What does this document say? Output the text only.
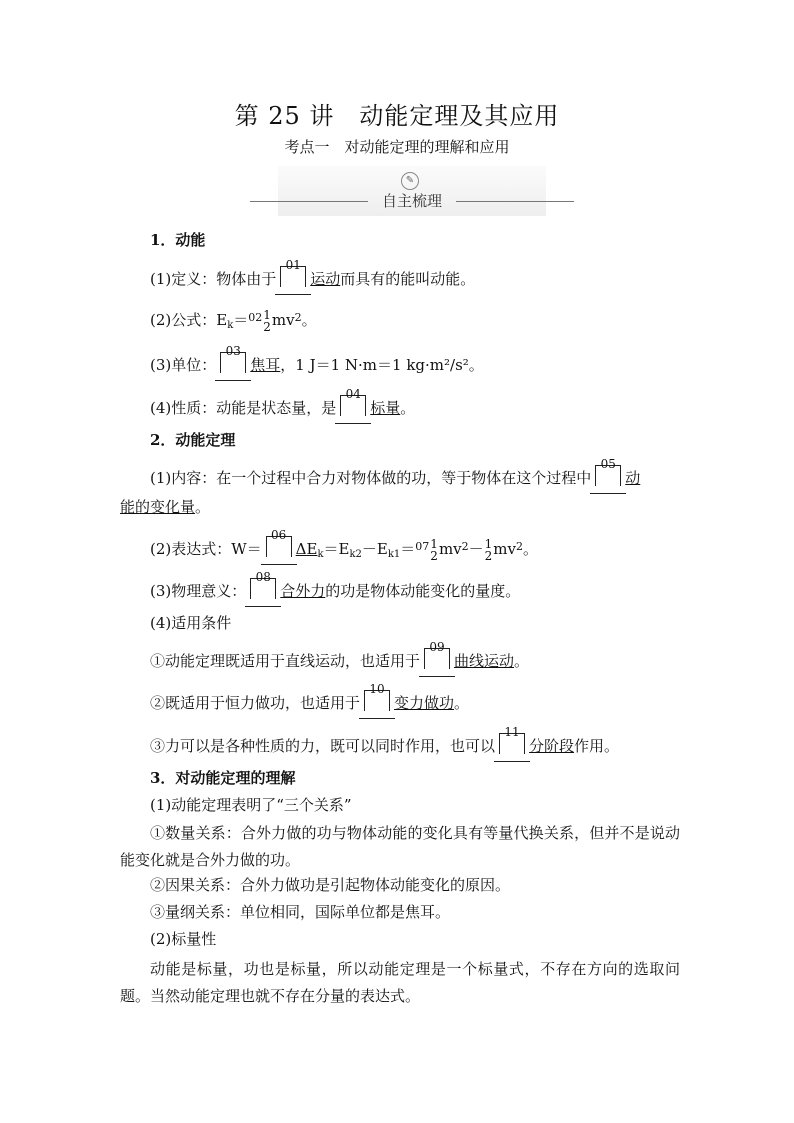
第 25 讲　动能定理及其应用
考点一　对动能定理的理解和应用
✎
自主梳理
1．动能
(1)定义：物体由于
01
运动而具有的能叫动能。
(2)公式：$E_k=^{02}$ 1
2 $mv^2$。
(3)单位：
03
焦耳，1 J＝1 N·m＝1 kg·m²/s²。
(4)性质：动能是状态量，是
04
标量。
2．动能定理
(1)内容：在一个过程中合力对物体做的功，等于物体在这个过程中
05
动
能的变化量。
(2)表达式：W＝
06
$\Delta E_k=E_{k2}-E_{k1}=^{07}$ 1
2 $mv^2- 1$
2 $mv^2$。
(3)物理意义：
08
合外力的功是物体动能变化的量度。
(4)适用条件
①动能定理既适用于直线运动，也适用于
09
曲线运动。
②既适用于恒力做功，也适用于
10
变力做功。
③力可以是各种性质的力，既可以同时作用，也可以
11
分阶段作用。
3．对动能定理的理解
(1)动能定理表明了“三个关系”
①数量关系：合外力做的功与物体动能的变化具有等量代换关系，但并不是说动能变化就是合外力做的功。
②因果关系：合外力做功是引起物体动能变化的原因。
③量纲关系：单位相同，国际单位都是焦耳。
(2)标量性
动能是标量，功也是标量，所以动能定理是一个标量式，不存在方向的选取问题。当然动能定理也就不存在分量的表达式。
